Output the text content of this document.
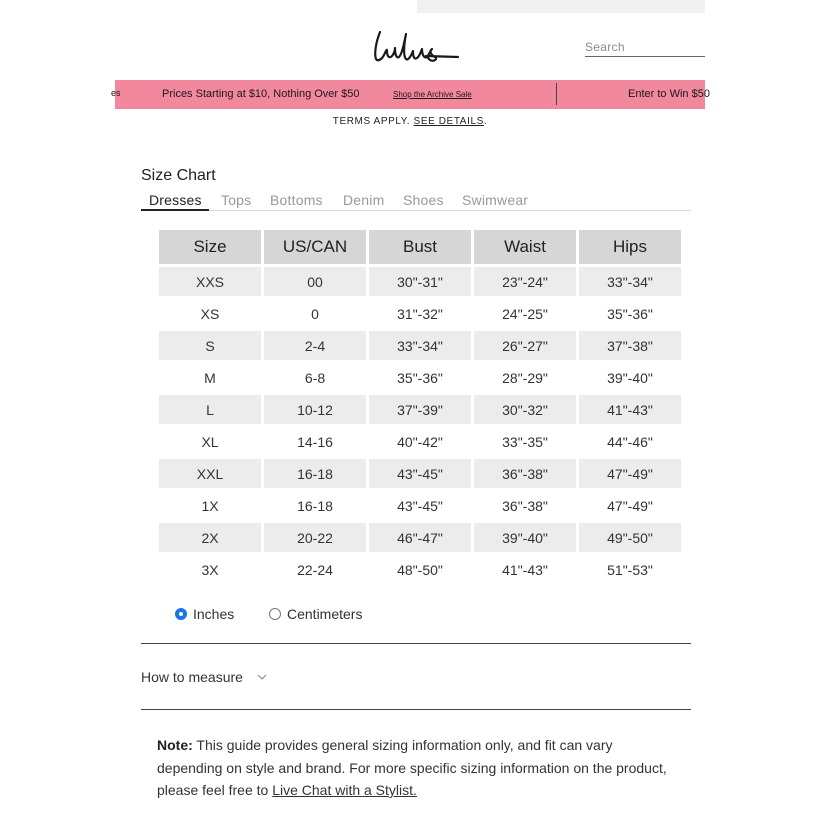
Search
es	Prices Starting at $10, Nothing Over $50	Shop the Archive Sale	Enter to Win $50
TERMS APPLY. SEE DETAILS.
Size Chart
Dresses	Tops Bottoms Denim Shoes Swimwear
Size	US/CAN	Bust	Waist	Hips
XXS	00	30"-31"	23"-24"	33"-34"
XS	0	31"-32"	24"-25"	35"-36"
S	2-4	33"-34"	26"-27"	37"-38"
M	6-8	35"-36"	28"-29"	39"-40"
L	10-12	37"-39"	30"-32"	41"-43"
XL	14-16	40"-42"	33"-35"	44"-46"
XXL	16-18	43"-45"	36"-38"	47"-49"
1X	16-18	43"-45"	36"-38"	47"-49"
2X	20-22	46"-47"	39"-40"	49"-50"
3X	22-24	48"-50"	41"-43"	51"-53"
Inches	Centimeters
How to measure
Note: This guide provides general sizing information only, and fit can vary depending on style and brand. For more specific sizing information on the product, please feel free to Live Chat with a Stylist.
